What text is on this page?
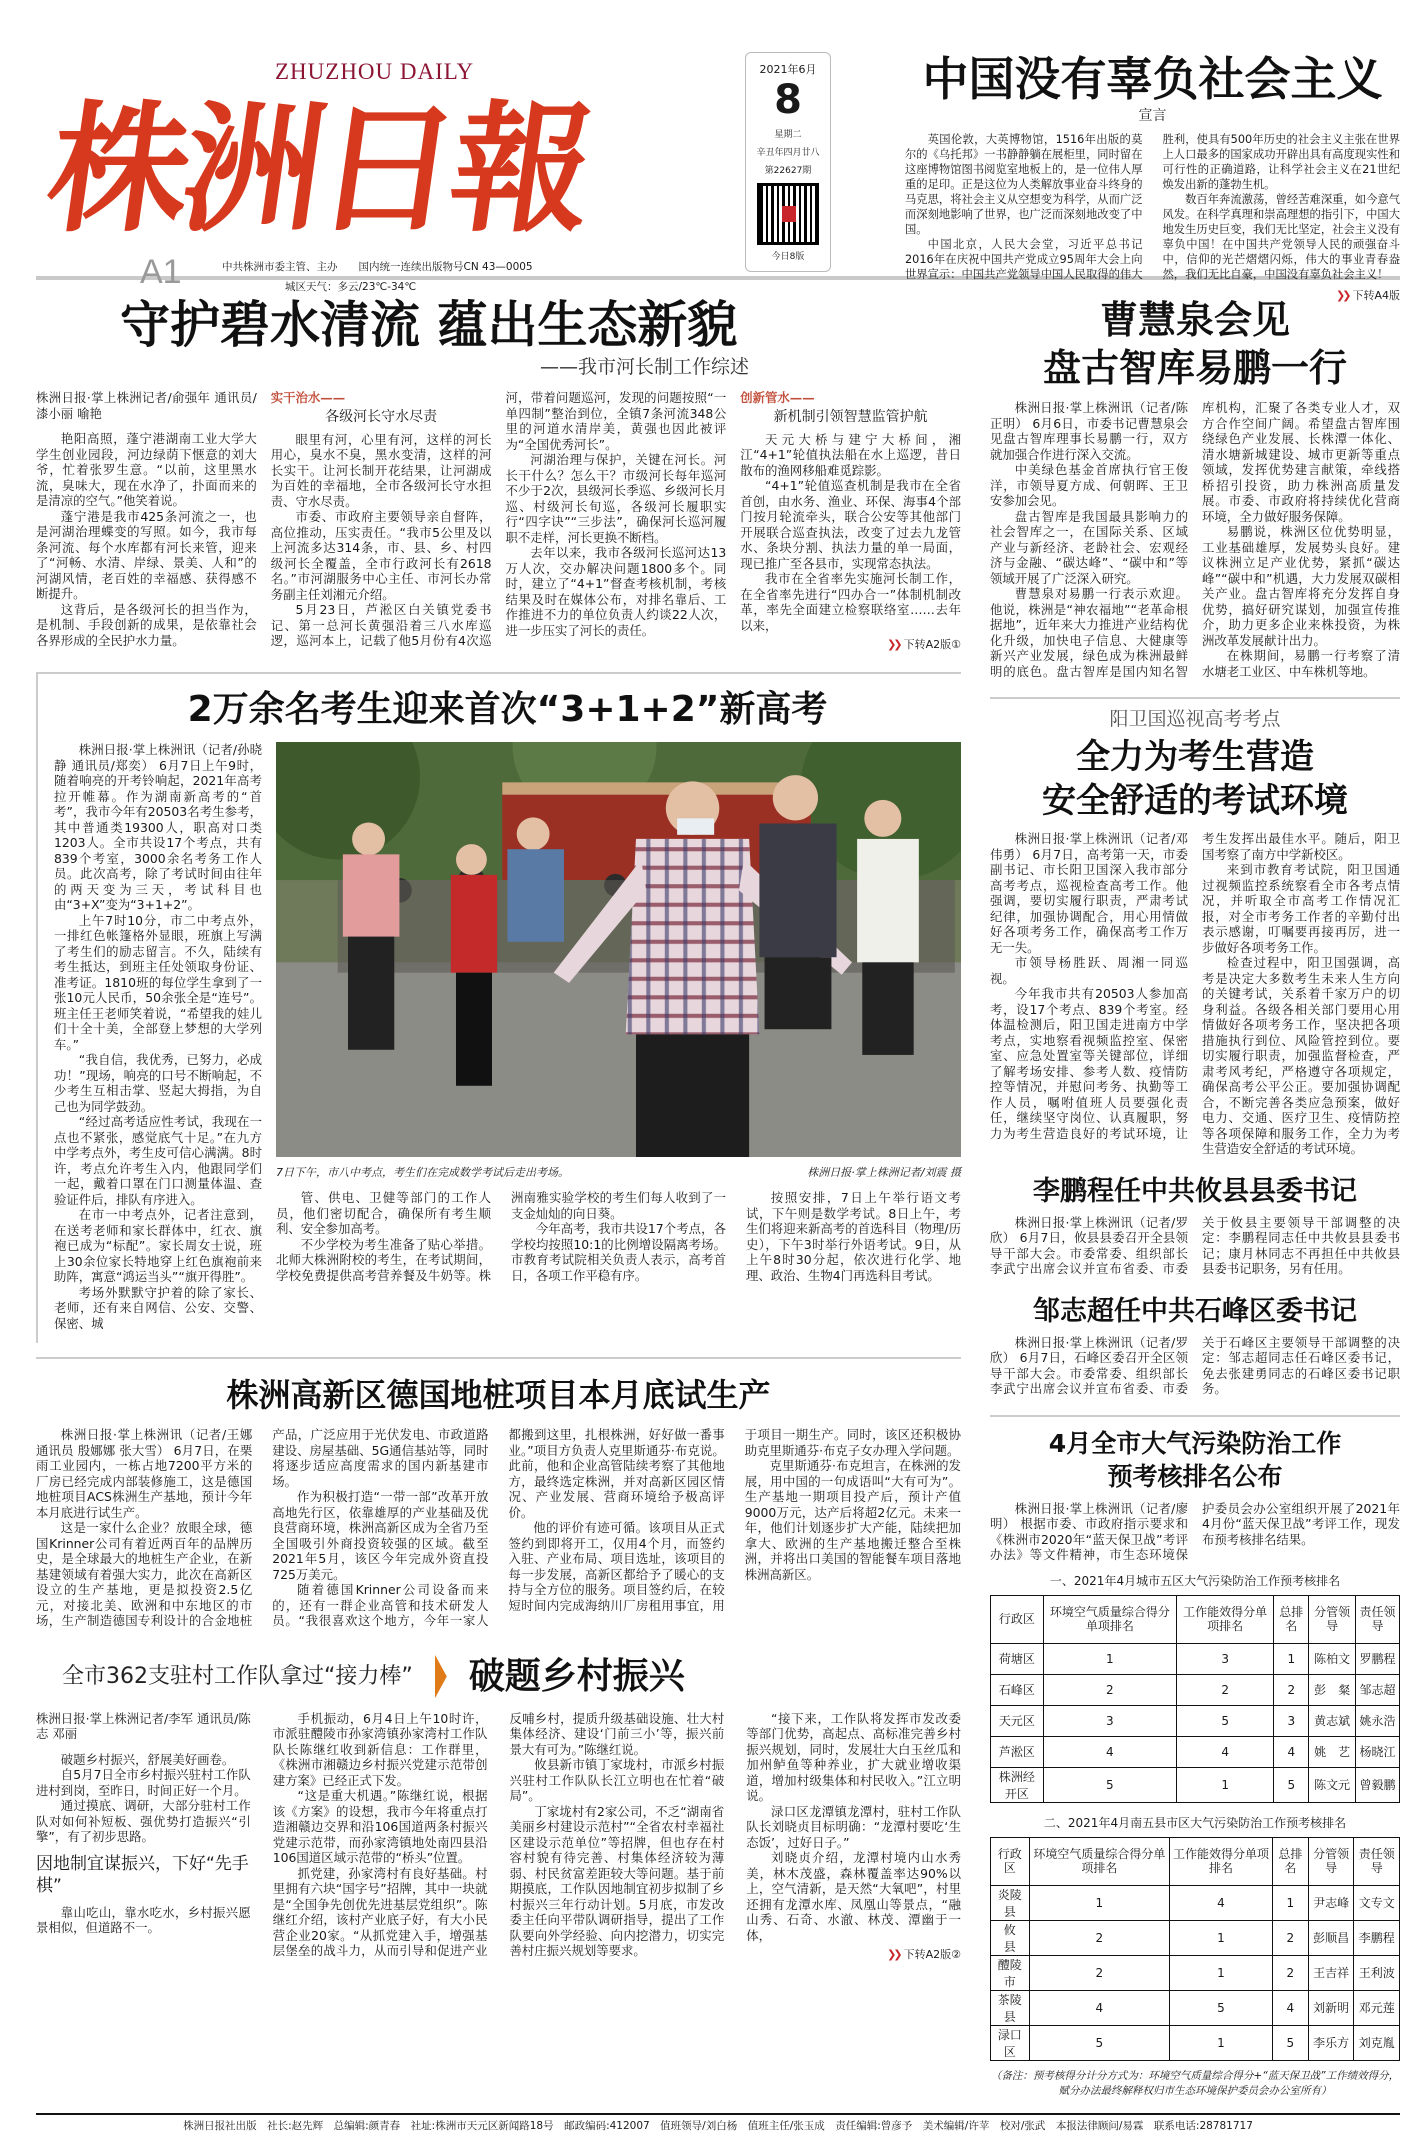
ZHUZHOU DAILY
株洲日報
A1	中共株洲市委主管、主办　　国内统一连续出版物号CN 43—0005
城区天气：多云/23℃-34℃
2021年6月
8
星期二
辛丑年四月廿八
第22627期
今日8版
中国没有辜负社会主义
宣言

英国伦敦，大英博物馆，1516年出版的莫尔的《乌托邦》一书静静躺在展柜里，同时留在这座博物馆图书阅览室地板上的，是一位伟人厚重的足印。正是这位为人类解放事业奋斗终身的马克思，将社会主义从空想变为科学，从而广泛而深刻地影响了世界，也广泛而深刻地改变了中国。

中国北京，人民大会堂，习近平总书记2016年在庆祝中国共产党成立95周年大会上向世界宣示：中国共产党领导中国人民取得的伟大胜利，使具有500年历史的社会主义主张在世界上人口最多的国家成功开辟出具有高度现实性和可行性的正确道路，让科学社会主义在21世纪焕发出新的蓬勃生机。

数百年奔流激荡，曾经苦难深重，如今意气风发。在科学真理和崇高理想的指引下，中国大地发生历史巨变，我们无比坚定，社会主义没有辜负中国！在中国共产党领导人民的顽强奋斗中，信仰的光芒熠熠闪烁，伟大的事业青春盎然，我们无比自豪，中国没有辜负社会主义！

❯❯ 下转A4版
守护碧水清流 蕴出生态新貌
——我市河长制工作综述

株洲日报·掌上株洲记者/俞强年 通讯员/漆小丽 喻艳

艳阳高照，蓬宁港湖南工业大学大学生创业园段，河边绿荫下惬意的刘大爷，忙着张罗生意。“以前，这里黑水流，臭味大，现在水净了，扑面而来的是清凉的空气。”他笑着说。

蓬宁港是我市425条河流之一，也是河湖治理蝶变的写照。如今，我市每条河流、每个水库都有河长来管，迎来了“河畅、水清、岸绿、景美、人和”的河湖风情，老百姓的幸福感、获得感不断提升。

这背后，是各级河长的担当作为，是机制、手段创新的成果，是依靠社会各界形成的全民护水力量。

实干治水——

各级河长守水尽责

眼里有河，心里有河，这样的河长用心，臭水不臭，黑水变清，这样的河长实干。让河长制开花结果，让河湖成为百姓的幸福地，全市各级河长守水担责、守水尽责。

市委、市政府主要领导亲自督阵，高位推动，压实责任。“我市5公里及以上河流多达314条，市、县、乡、村四级河长全覆盖，全市行政河长有2618名。”市河湖服务中心主任、市河长办常务副主任刘湘元介绍。

5月23日，芦淞区白关镇党委书记、第一总河长黄强沿着三八水库巡逻，巡河本上，记载了他5月份有4次巡河，带着问题巡河，发现的问题按照“一单四制”整治到位，全镇7条河流348公里的河道水清岸美，黄强也因此被评为“全国优秀河长”。

河湖治理与保护，关键在河长。河长干什么？怎么干？市级河长每年巡河不少于2次，县级河长季巡、乡级河长月巡、村级河长旬巡，各级河长履职实行“四字诀”“三步法”，确保河长巡河履职不走样，河长更换不断档。

去年以来，我市各级河长巡河达13万人次，交办解决问题1800多个。同时，建立了“4+1”督查考核机制，考核结果及时在媒体公布，对排名靠后、工作推进不力的单位负责人约谈22人次，进一步压实了河长的责任。

创新管水——

新机制引领智慧监管护航

天元大桥与建宁大桥间，湘江“4+1”轮值执法船在水上巡逻，昔日散布的渔网移船难觅踪影。

“4+1”轮值巡查机制是我市在全省首创，由水务、渔业、环保、海事4个部门按月轮流牵头，联合公安等其他部门开展联合巡查执法，改变了过去九龙管水、条块分割、执法力量的单一局面，现已推广至各县市，实现常态执法。

我市在全省率先实施河长制工作，在全省率先进行“四办合一”体制机制改革，率先全面建立检察联络室……去年以来，

❯❯ 下转A2版①
2万余名考生迎来首次“3+1+2”新高考

株洲日报·掌上株洲讯（记者/孙晓静 通讯员/郑奕） 6月7日上午9时，随着响亮的开考铃响起，2021年高考拉开帷幕。作为湖南新高考的“首考”，我市今年有20503名考生参考，其中普通类19300人，职高对口类1203人。全市共设17个考点，共有839个考室，3000余名考务工作人员。此次高考，除了考试时间由往年的两天变为三天，考试科目也由“3+X”变为“3+1+2”。

上午7时10分，市二中考点外，一排红色帐篷格外显眼，班旗上写满了考生们的励志留言。不久，陆续有考生抵达，到班主任处领取身份证、准考证。1810班的每位学生拿到了一张10元人民币，50余张全是“连号”。班主任王老师笑着说，“希望我的娃儿们十全十美，全部登上梦想的大学列车。”

“我自信，我优秀，已努力，必成功！”现场，响亮的口号不断响起，不少考生互相击掌、竖起大拇指，为自己也为同学鼓劲。

“经过高考适应性考试，我现在一点也不紧张，感觉底气十足。”在九方中学考点外，考生皮可信心满满。8时许，考点允许考生入内，他跟同学们一起，戴着口罩在门口测量体温、查验证件后，排队有序进入。

在市一中考点外，记者注意到，在送考老师和家长群体中，红衣、旗袍已成为“标配”。家长周女士说，班上30余位家长特地穿上红色旗袍前来助阵，寓意“鸿运当头”“旗开得胜”。

考场外默默守护着的除了家长、老师，还有来自网信、公安、交警、保密、城

7日下午，市八中考点，考生们在完成数学考试后走出考场。	株洲日报·掌上株洲记者/刘震 摄

管、供电、卫健等部门的工作人员，他们密切配合，确保所有考生顺利、安全参加高考。

不少学校为考生准备了贴心举措。北师大株洲附校的考生，在考试期间，学校免费提供高考营养餐及牛奶等。株洲南雅实验学校的考生们每人收到了一支金灿灿的向日葵。

今年高考，我市共设17个考点，各学校均按照10:1的比例增设隔离考场。市教育考试院相关负责人表示，高考首日，各项工作平稳有序。

按照安排，7日上午举行语文考试，下午则是数学考试。8日上午，考生们将迎来新高考的首选科目（物理/历史），下午3时举行外语考试。9日，从上午8时30分起，依次进行化学、地理、政治、生物4门再选科目考试。

株洲高新区德国地桩项目本月底试生产

株洲日报·掌上株洲讯（记者/王娜 通讯员 殷娜娜 张大雪） 6月7日，在栗雨工业园内，一栋占地7200平方米的厂房已经完成内部装修施工，这是德国地桩项目ACS株洲生产基地，预计今年本月底进行试生产。

这是一家什么企业？放眼全球，德国Krinner公司有着近两百年的品牌历史，是全球最大的地桩生产企业，在新基建领域有着强大实力，此次在高新区设立的生产基地，更是拟投资2.5亿元，对接北美、欧洲和中东地区的市场，生产制造德国专利设计的合金地桩产品，广泛应用于光伏发电、市政道路建设、房屋基础、5G通信基站等，同时将逐步适应高度需求的国内新基建市场。

作为积极打造“一带一部”改革开放高地先行区，依靠雄厚的产业基础及优良营商环境，株洲高新区成为全省乃至全国吸引外商投资较强的区域。截至2021年5月，该区今年完成外资直投725万美元。

随着德国Krinner公司设备而来的，还有一群企业高管和技术研发人员。“我很喜欢这个地方，今年一家人都搬到这里，扎根株洲，好好做一番事业。”项目方负责人克里斯通芬·布克说。此前，他和企业高管陆续考察了其他地方，最终选定株洲，并对高新区园区情况、产业发展、营商环境给予极高评价。

他的评价有迹可循。该项目从正式签约到即将开工，仅用4个月，而签约入驻、产业布局、项目选址，该项目的每一步发展，高新区都给予了暖心的支持与全方位的服务。项目签约后，在较短时间内完成海纳川厂房租用事宜，用于项目一期生产。同时，该区还积极协助克里斯通芬·布克子女办理入学问题。

克里斯通芬·布克坦言，在株洲的发展，用中国的一句成语叫“大有可为”。生产基地一期项目投产后，预计产值9000万元，达产后将超2亿元。未来一年，他们计划逐步扩大产能，陆续把加拿大、欧洲的生产基地搬迁整合至株洲，并将出口美国的智能餐车项目落地株洲高新区。

全市362支驻村工作队拿过“接力棒” 破题乡村振兴

株洲日报·掌上株洲记者/李军 通讯员/陈志 邓丽

破题乡村振兴，舒展美好画卷。

自5月7日全市乡村振兴驻村工作队进村到岗，至昨日，时间正好一个月。

通过摸底、调研，大部分驻村工作队对如何补短板、强优势打造振兴“引擎”，有了初步思路。

因地制宜谋振兴，下好“先手棋”

靠山吃山，靠水吃水，乡村振兴愿景相似，但道路不一。

手机振动，6月4日上午10时许，市派驻醴陵市孙家湾镇孙家湾村工作队队长陈继红收到新信息：工作群里，《株洲市湘赣边乡村振兴党建示范带创建方案》已经正式下发。

“这是重大机遇。”陈继红说，根据该《方案》的设想，我市今年将重点打造湘赣边交界和沿106国道两条村振兴党建示范带，而孙家湾镇地处南四县沿106国道区域示范带的“桥头”位置。

抓党建，孙家湾村有良好基础。村里拥有六块“国字号”招牌，其中一块就是“全国争先创优先进基层党组织”。陈继红介绍，该村产业底子好，有大小民营企业20家。“从抓党建入手，增强基层堡垒的战斗力，从而引导和促进产业反哺乡村，提质升级基础设施、壮大村集体经济、建设‘门前三小’等，振兴前景大有可为。”陈继红说。

攸县新市镇丁家垅村，市派乡村振兴驻村工作队队长江立明也在忙着“破局”。

丁家垅村有2家公司，不乏“湖南省美丽乡村建设示范村”“全省农村幸福社区建设示范单位”等招牌，但也存在村容村貌有待完善、村集体经济较为薄弱、村民贫富差距较大等问题。基于前期摸底，工作队因地制宜初步拟制了乡村振兴三年行动计划。5月底，市发改委主任向平带队调研指导，提出了工作队要向外学经验、向内挖潜力，切实完善村庄振兴规划等要求。

“接下来，工作队将发挥市发改委等部门优势，高起点、高标准完善乡村振兴规划，同时，发展壮大白玉丝瓜和加州鲈鱼等种养业，扩大就业增收渠道，增加村级集体和村民收入。”江立明说。

渌口区龙潭镇龙潭村，驻村工作队队长刘晓贞目标明确：“龙潭村要吃‘生态饭’，过好日子。”

刘晓贞介绍，龙潭村境内山水秀美，林木茂盛，森林覆盖率达90%以上，空气清新，是天然“大氧吧”，村里还拥有龙潭水库、凤凰山等景点，“融山秀、石奇、水澈、林茂、潭幽于一体，

❯❯ 下转A2版②
曹慧泉会见
盘古智库易鹏一行

株洲日报·掌上株洲讯（记者/陈正明） 6月6日，市委书记曹慧泉会见盘古智库理事长易鹏一行，双方就加强合作进行深入交流。

中美绿色基金首席执行官王俊洋，市领导夏方成、何朝晖、王卫安参加会见。

盘古智库是我国最具影响力的社会智库之一，在国际关系、区域产业与新经济、老龄社会、宏观经济与金融、“碳达峰”、“碳中和”等领域开展了广泛深入研究。

曹慧泉对易鹏一行表示欢迎。他说，株洲是“神农福地”“老革命根据地”，近年来大力推进产业结构优化升级，加快电子信息、大健康等新兴产业发展，绿色成为株洲最鲜明的底色。盘古智库是国内知名智库机构，汇聚了各类专业人才，双方合作空间广阔。希望盘古智库围绕绿色产业发展、长株潭一体化、清水塘新城建设、城市更新等重点领域，发挥优势建言献策，牵线搭桥招引投资，助力株洲高质量发展。市委、市政府将持续优化营商环境，全力做好服务保障。

易鹏说，株洲区位优势明显，工业基础雄厚，发展势头良好。建议株洲立足产业优势，紧抓“碳达峰”“碳中和”机遇，大力发展双碳相关产业。盘古智库将充分发挥自身优势，搞好研究谋划，加强宣传推介，助力更多企业来株投资，为株洲改革发展献计出力。

在株期间，易鹏一行考察了清水塘老工业区、中车株机等地。

阳卫国巡视高考考点
全力为考生营造
安全舒适的考试环境

株洲日报·掌上株洲讯（记者/邓伟勇） 6月7日，高考第一天，市委副书记、市长阳卫国深入我市部分高考考点，巡视检查高考工作。他强调，要切实履行职责，严肃考试纪律，加强协调配合，用心用情做好各项考务工作，确保高考工作万无一失。

市领导杨胜跃、周湘一同巡视。

今年我市共有20503人参加高考，设17个考点、839个考室。经体温检测后，阳卫国走进南方中学考点，实地察看视频监控室、保密室、应急处置室等关键部位，详细了解考场安排、参考人数、疫情防控等情况，并慰问考务、执勤等工作人员，嘱咐值班人员要强化责任，继续坚守岗位、认真履职，努力为考生营造良好的考试环境，让考生发挥出最佳水平。随后，阳卫国考察了南方中学新校区。

来到市教育考试院，阳卫国通过视频监控系统察看全市各考点情况，并听取全市高考工作情况汇报，对全市考务工作者的辛勤付出表示感谢，叮嘱要再接再厉，进一步做好各项考务工作。

检查过程中，阳卫国强调，高考是决定大多数考生未来人生方向的关键考试，关系着千家万户的切身利益。各级各相关部门要用心用情做好各项考务工作，坚决把各项措施执行到位、风险管控到位。要切实履行职责，加强监督检查，严肃考风考纪，严格遵守各项规定，确保高考公平公正。要加强协调配合，不断完善各类应急预案，做好电力、交通、医疗卫生、疫情防控等各项保障和服务工作，全力为考生营造安全舒适的考试环境。

李鹏程任中共攸县县委书记

株洲日报·掌上株洲讯（记者/罗欣） 6月7日，攸县县委召开全县领导干部大会。市委常委、组织部长李武宁出席会议并宣布省委、市委关于攸县主要领导干部调整的决定：李鹏程同志任中共攸县县委书记；康月林同志不再担任中共攸县县委书记职务，另有任用。

邹志超任中共石峰区委书记

株洲日报·掌上株洲讯（记者/罗欣） 6月7日，石峰区委召开全区领导干部大会。市委常委、组织部长李武宁出席会议并宣布省委、市委关于石峰区主要领导干部调整的决定：邹志超同志任石峰区委书记，免去张建勇同志的石峰区委书记职务。

4月全市大气污染防治工作
预考核排名公布

株洲日报·掌上株洲讯（记者/廖明） 根据市委、市政府指示要求和《株洲市2020年“蓝天保卫战”考评办法》等文件精神，市生态环境保护委员会办公室组织开展了2021年4月份“蓝天保卫战”考评工作，现发布预考核排名结果。

一、2021年4月城市五区大气污染防治工作预考核排名
行政区	环境空气质量综合得分单项排名	工作能效得分单项排名	总排名	分管领导	责任领导
荷塘区	1	3	1	陈柏文	罗鹏程
石峰区	2	2	2	彭　粲	邹志超
天元区	3	5	3	黄志斌	姚永浩
芦淞区	4	4	4	姚　艺	杨晓江
株洲经开区	5	1	5	陈文元	曾毅鹏
二、2021年4月南五县市区大气污染防治工作预考核排名
行政区	环境空气质量综合得分单项排名	工作能效得分单项排名	总排名	分管领导	责任领导
炎陵县	1	4	1	尹志峰	文专文
攸　县	2	1	2	彭顺昌	李鹏程
醴陵市	2	1	2	王吉祥	王利波
茶陵县	4	5	4	刘新明	邓元莲
渌口区	5	1	5	李乐方	刘克胤
（备注：预考核得分计分方式为：环境空气质量综合得分+“蓝天保卫战”工作绩效得分，赋分办法最终解释权归市生态环境保护委员会办公室所有）
株洲日报社出版　社长:赵先辉　总编辑:颜青春　社址:株洲市天元区新闻路18号　邮政编码:412007　值班领导/刘白杨　值班主任/张玉成　责任编辑:曾彦予　美术编辑/许苹　校对/张武　本报法律顾问/易霖　联系电话:28781717
